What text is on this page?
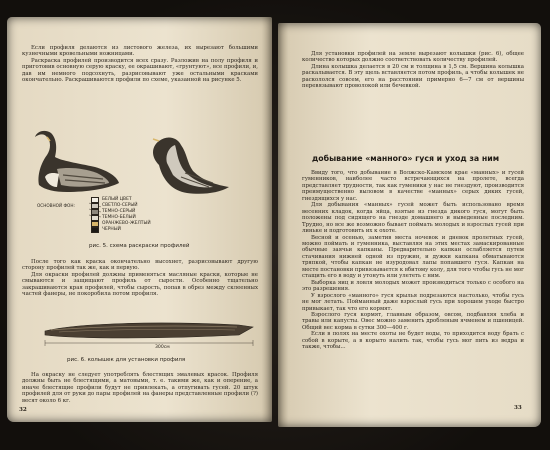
Если профиля делаются из листового железа, их вырезают большими кузнечными кровельными ножницами.

Раскраска профилей производится всех сразу. Разложив на полу профиля и приготовив основную серую краску, ее окрашивают, «грунтуют», все профили, и, дав им немного подсохнуть, разрисовывают уже остальными красками окончательно. Раскрашиваются профили по схеме, указанной на рисунке 5.

ОСНОВНОЙ ФОН:
БЕЛЫЙ ЦВЕТ
СВЕТЛО-СЕРЫЙ
ТЕМНО-СЕРЫЙ
ТЕМНО-БЕЛЫЙ
ОРАНЖЕВО-ЖЕЛТЫЙ
ЧЕРНЫЙ
рис. 5. схема раскраски профилей

После того как краска окончательно высохнет, разрисовывают другую сторону профилей так же, как и первую.

Для окраски профилей должны применяться масляные краски, которые не смываются и защищают профиль от сырости. Особенно тщательно закрашиваются края профилей, чтобы сырость, попав в обрез между склеенных частей фанеры, не покоробила потом профиля.

300см
рис. 6. колышек для установки профиля

На окраску не следует употреблять блестящих эмалевых красок. Профиля должны быть не блестящими, а матовыми, т. е. такими же, как и оперение, а иначе блестящие профили будут не привлекать, а отпугивать гусей. 20 штук профилей для от руки до пары профилей на фанеры представленные профили (?) весят около 6 кг.

32

Для установки профилей на земле вырезают колышки (рис. 6), общее количество которых должно соответствовать количеству профилей.

Длина колышка делается в 20 см и толщина в 1,5 см. Вершина колышка раскалывается. В эту щель вставляется потом профиль, а чтобы колышек не раскололся совсем, его на расстоянии примерно 6—7 см от вершины перевязывают проволокой или бечевкой.

добывание «манного» гуся и уход за ним

Ввиду того, что добывание в Волжско-Камском крае «манных» и гусей гуменников, наиболее часто встречающихся на пролете, всегда представляет трудности, так как гуменики у нас не гнездуют, производится преимущественно выловом в качестве «манных» серых диких гусей, гнездящихся у нас.

Для добывания «манных» гусей может быть использовано время весенних кладок, когда яйца, взятые из гнезда дикого гуся, могут быть положены под сидящего на гнезде домашнего и выведенные последним. Трудно, но все же возможно бывает поймать молодых и взрослых гусей при линьке и подготовить их к охоте.

Весной и осенью, заметив места ночевок и дневок пролетных гусей, можно поймать и гуменника, выставляя на этих местах замаскированные обычные заячьи капканы. Предварительно капкан ослабляется путем стачивания нижней одной из пружин, и дужки капкана обматываются тряпкой, чтобы капкан не изуродовал лапы попавшего гуся. Капкан на месте постановки привязывается к вбитому колу, для того чтобы гусь не мог стащить его в воду и утонуть или улететь с ним.

Выборка яиц и ловля молодых может производиться только с особого на это разрешения.

У взрослого «манного» гуся крылья подрезаются настолько, чтобы гусь не мог летать. Пойманный даже взрослый гусь при хорошем уходе быстро привыкает, так что его кормят.

Взрослого гуся кормят, главным образом, овсом, подбавляя хлеба и травы или капусты. Овес можно заменить дробленым ячменем и пшеницей. Общий вес корма в сутки 300—400 г.

Если в полях на месте охоты не будет воды, то приходится воду брать с собой в корыте, а в корыто налить так, чтобы гусь мог пить из ведра и также, чтобы...

33
